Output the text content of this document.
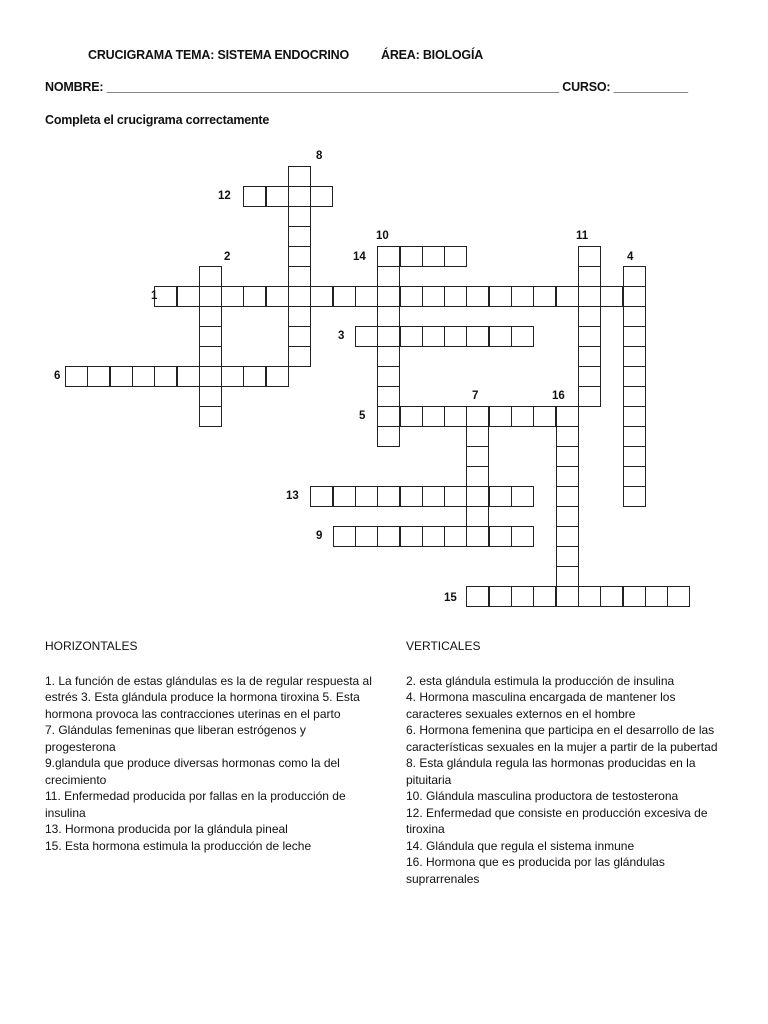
CRUCIGRAMA TEMA: SISTEMA ENDOCRINO	ÁREA: BIOLOGÍA
NOMBRE: ___________________________________________________________________ CURSO: ___________
Completa el crucigrama correctamente
8
12
10	11
14
2	4
1
3
6
7	16
5
13
9
15
HORIZONTALES

1. La función de estas glándulas es la de regular respuesta al estrés 3. Esta glándula produce la hormona tiroxina 5. Esta hormona provoca las contracciones uterinas en el parto

7. Glándulas femeninas que liberan estrógenos y progesterona

9.glandula que produce diversas hormonas como la del crecimiento

11. Enfermedad producida por fallas en la producción de insulina

13. Hormona producida por la glándula pineal

15. Esta hormona estimula la producción de leche

VERTICALES

2. esta glándula estimula la producción de insulina

4. Hormona masculina encargada de mantener los caracteres sexuales externos en el hombre

6. Hormona femenina que participa en el desarrollo de las características sexuales en la mujer a partir de la pubertad

8. Esta glándula regula las hormonas producidas en la pituitaria

10. Glándula masculina productora de testosterona

12. Enfermedad que consiste en producción excesiva de tiroxina

14. Glándula que regula el sistema inmune

16. Hormona que es producida por las glándulas suprarrenales
